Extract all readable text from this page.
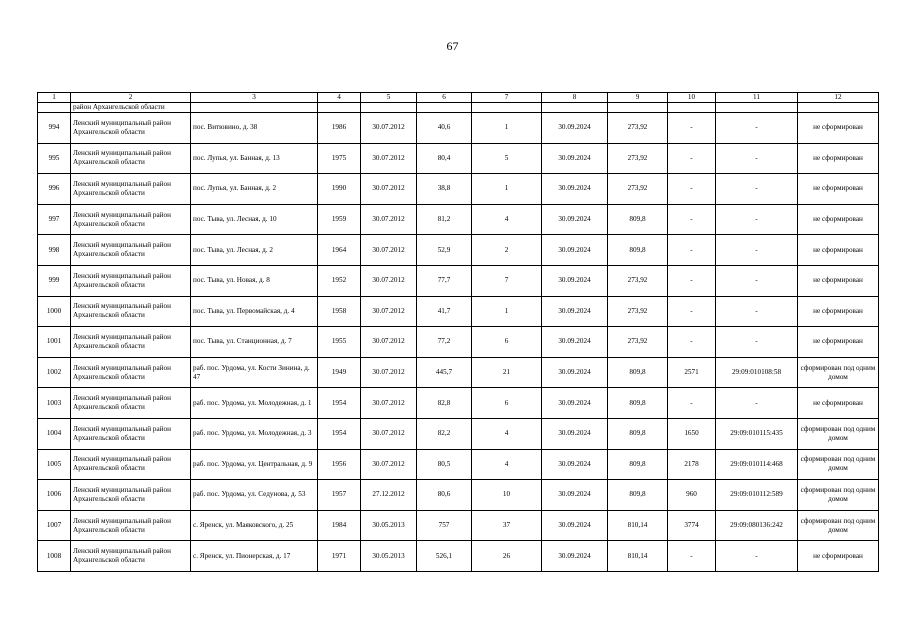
67
1	2	3	4	5	6	7	8	9	10	11	12
	район Архангельской области										
994	Ленский муниципальный район Архангельской области	пос. Витювино, д. 38	1986	30.07.2012	40,6	1	30.09.2024	273,92	-	-	не сформирован
995	Ленский муниципальный район Архангельской области	пос. Лупья, ул. Банная, д. 13	1975	30.07.2012	80,4	5	30.09.2024	273,92	-	-	не сформирован
996	Ленский муниципальный район Архангельской области	пос. Лупья, ул. Банная, д. 2	1990	30.07.2012	38,8	1	30.09.2024	273,92	-	-	не сформирован
997	Ленский муниципальный район Архангельской области	пос. Тыва, ул. Лесная, д. 10	1959	30.07.2012	81,2	4	30.09.2024	809,8	-	-	не сформирован
998	Ленский муниципальный район Архангельской области	пос. Тыва, ул. Лесная, д. 2	1964	30.07.2012	52,9	2	30.09.2024	809,8	-	-	не сформирован
999	Ленский муниципальный район Архангельской области	пос. Тыва, ул. Новая, д. 8	1952	30.07.2012	77,7	7	30.09.2024	273,92	-	-	не сформирован
1000	Ленский муниципальный район Архангельской области	пос. Тыва, ул. Первомайская, д. 4	1958	30.07.2012	41,7	1	30.09.2024	273,92	-	-	не сформирован
1001	Ленский муниципальный район Архангельской области	пос. Тыва, ул. Станционная, д. 7	1955	30.07.2012	77,2	6	30.09.2024	273,92	-	-	не сформирован
1002	Ленский муниципальный район Архангельской области	раб. пос. Урдома, ул. Кости Зинина, д. 47	1949	30.07.2012	445,7	21	30.09.2024	809,8	2571	29:09:010108:58	сформирован под одним домом
1003	Ленский муниципальный район Архангельской области	раб. пос. Урдома, ул. Молодежная, д. 1	1954	30.07.2012	82,8	6	30.09.2024	809,8	-	-	не сформирован
1004	Ленский муниципальный район Архангельской области	раб. пос. Урдома, ул. Молодежная, д. 3	1954	30.07.2012	82,2	4	30.09.2024	809,8	1650	29:09:010115:435	сформирован под одним домом
1005	Ленский муниципальный район Архангельской области	раб. пос. Урдома, ул. Центральная, д. 9	1956	30.07.2012	80,5	4	30.09.2024	809,8	2178	29:09:010114:468	сформирован под одним домом
1006	Ленский муниципальный район Архангельской области	раб. пос. Урдома, ул. Седунова, д. 53	1957	27.12.2012	80,6	10	30.09.2024	809,8	960	29:09:010112:589	сформирован под одним домом
1007	Ленский муниципальный район Архангельской области	с. Яренск, ул. Маяковского, д. 25	1984	30.05.2013	757	37	30.09.2024	810,14	3774	29:09:080136:242	сформирован под одним домом
1008	Ленский муниципальный район Архангельской области	с. Яренск, ул. Пионерская, д. 17	1971	30.05.2013	526,1	26	30.09.2024	810,14	-	-	не сформирован
